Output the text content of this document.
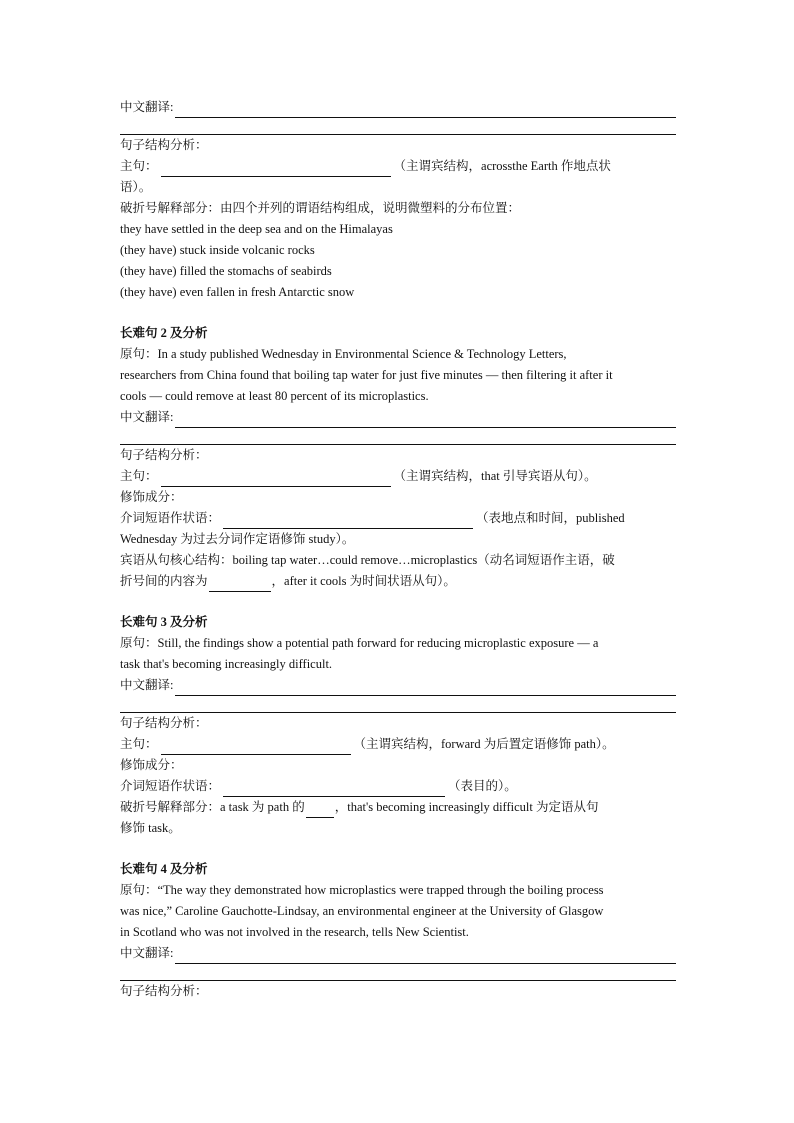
中文翻译:
句子结构分析：
主句：	（主谓宾结构，acrossthe Earth 作地点状
语）。
破折号解释部分：由四个并列的谓语结构组成，说明微塑料的分布位置：
they have settled in the deep sea and on the Himalayas
(they have) stuck inside volcanic rocks
(they have) filled the stomachs of seabirds
(they have) even fallen in fresh Antarctic snow
长难句 2 及分析
原句：In a study published Wednesday in Environmental Science & Technology Letters,
researchers from China found that boiling tap water for just five minutes — then filtering it after it
cools — could remove at least 80 percent of its microplastics.
中文翻译:
句子结构分析：
主句：	（主谓宾结构，that 引导宾语从句）。
修饰成分：
介词短语作状语：	（表地点和时间，published
Wednesday 为过去分词作定语修饰 study）。
宾语从句核心结构：boiling tap water…could remove…microplastics（动名词短语作主语，破
折号间的内容为	，after it cools 为时间状语从句）。
长难句 3 及分析
原句：Still, the findings show a potential path forward for reducing microplastic exposure — a
task that's becoming increasingly difficult.
中文翻译:
句子结构分析：
主句：	（主谓宾结构，forward 为后置定语修饰 path）。
修饰成分：
介词短语作状语：	（表目的）。
破折号解释部分：a task 为 path 的 ，that's becoming increasingly difficult 为定语从句
修饰 task。
长难句 4 及分析
原句：“The way they demonstrated how microplastics were trapped through the boiling process
was nice,” Caroline Gauchotte-Lindsay, an environmental engineer at the University of Glasgow
in Scotland who was not involved in the research, tells New Scientist.
中文翻译:
句子结构分析：
